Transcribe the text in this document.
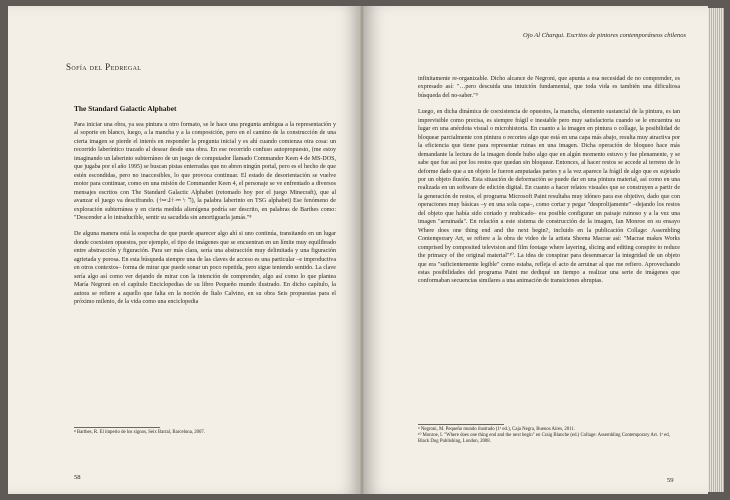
Sofía del Pedregal
The Standard Galactic Alphabet

Para iniciar una obra, ya sea pintura u otro formato, se le hace una pregunta ambigua a la representación y al soporte en blanco, luego, a la mancha y a la composición, pero en el camino de la construcción de una cierta imagen se pierde el interés en responder la pregunta inicial y es ahí cuando comienza otra cosa: un recorrido laberíntico trazado al desear desde una obra. En ese recorrido confuso autopropuesto, (me estoy imaginando un laberinto subterráneo de un juego de computador llamado Commander Keen 4 de MS-DOS, que jugaba por el año 1995) se buscan pistas enterradas que no abren ningún portal, pero es el hecho de que estén escondidas, pero no inaccesibles, lo que provoca continuar. El estado de desorientación se vuelve motor para continuar, como en una misión de Commander Keen 4, el personaje se ve enfrentado a diversos mensajes escritos con The Standard Galactic Alphabet (retomado hoy por el juego Minecraft), que al avanzar el juego va descifrando. (ꖌ⚍ᒲꖌ·⎓ ϟ ℸ), la palabra laberinto en TSG alphabet) Ese fenómeno de exploración subterránea y en cierta medida alienígena podría ser descrito, en palabras de Barthes como: "Descender a lo intraducible, sentir su sacudida sin amortiguarla jamás."⁸

De alguna manera está la sospecha de que puede aparecer algo ahí si uno continúa, transitando en un lugar donde coexisten opuestos, por ejemplo, el tipo de imágenes que se encuentran en un límite muy equilibrado entre abstracción y figuración. Para ser más clara, sería una abstracción muy delimitada y una figuración agrietada y porosa. En esta búsqueda siempre una de las claves de acceso es una particular –e improductiva en otros contextos– forma de mirar que puede sonar un poco repetida, pero sigue teniendo sentido. La clave sería algo así como ver dejando de mirar con la intención de comprender, algo así como lo que plantea María Negroni en el capítulo Enciclopedias de su libro Pequeño mundo ilustrado. En dicho capítulo, la autora se refiere a aquello que falta en la noción de Ítalo Calvino, en su obra Seis propuestas para el próximo milenio, de la vida como una enciclopedia

⁸ Barthes, R. El imperio de los signos, Seix Barral, Barcelona, 2007.
58
Ojo Al Charqui. Escritos de pintores contemporáneos chilenos

infinitamente re-organizable. Dicho alcance de Negroni, que apunta a esa necesidad de no comprender, es expresado así: "…pero descuida una intuición fundamental, que toda vida es también una dificultosa búsqueda del no-saber."⁹

Luego, en dicha dinámica de coexistencia de opuestos, la mancha, elemento sustancial de la pintura, es tan imprevisible como precisa, es siempre frágil e inestable pero muy satisfactoria cuando se le encuentra su lugar en una anécdota visual o microhistoria. En cuanto a la imagen en pintura o collage, la posibilidad de bloquear parcialmente con pintura o recortes algo que está en una capa más abajo, resulta muy atractiva por la eficiencia que tiene para representar ruinas en una imagen. Dicha operación de bloqueo hace más demandante la lectura de la imagen donde hubo algo que en algún momento estuvo y fue plenamente, y se sabe que fue así por los restos que quedan sin bloquear. Entonces, al hacer restos se accede al terreno de lo deforme dado que a un objeto le fueron amputadas partes y a la vez aparece la frágil de algo que es sujetado por un objeto ilusión. Esta situación de deformación se puede dar en una pintura material, así como en una realizada en un software de edición digital. En cuanto a hacer relatos visuales que se construyen a partir de la generación de restos, el programa Microsoft Paint resultaba muy idóneo para ese objetivo, dado que con operaciones muy básicas –y en una sola capa–, como cortar y pegar "desprolijamente" –dejando los restos del objeto que había sido cortado y reubicado– era posible configurar un paisaje ruinoso y a la vez una imagen "arruinada". En relación a este sistema de construcción de la imagen, Ian Monroe en su ensayo Where does one thing end and the next begin?, incluido en la publicación Collage: Assembling Contemporary Art, se refiere a la obra de video de la artista Sheena Macrae así: "Macrae makes Works comprised by composited television and film footage where layering, slicing and editing conspire to reduce the primacy of the original material"¹⁰. La idea de conspirar para desenmarcar la integridad de un objeto que era "suficientemente legible" como estaba, refleja el acto de arruinar al que me refiero. Aprovechando estas posibilidades del programa Paint me dediqué un tiempo a realizar una serie de imágenes que conformaban secuencias similares a una animación de transiciones abruptas.

⁹ Negroni, M. Pequeño mundo ilustrado (1ª ed.), Caja Negra, Buenos Aires, 2011.
¹⁰ Monroe, I. "Where does one thing end and the next begin" en Craig Blanche (ed.) Collage: Assembling Contemporary Art. 1ª ed, Black Dog Publishing, London, 2008.
59
